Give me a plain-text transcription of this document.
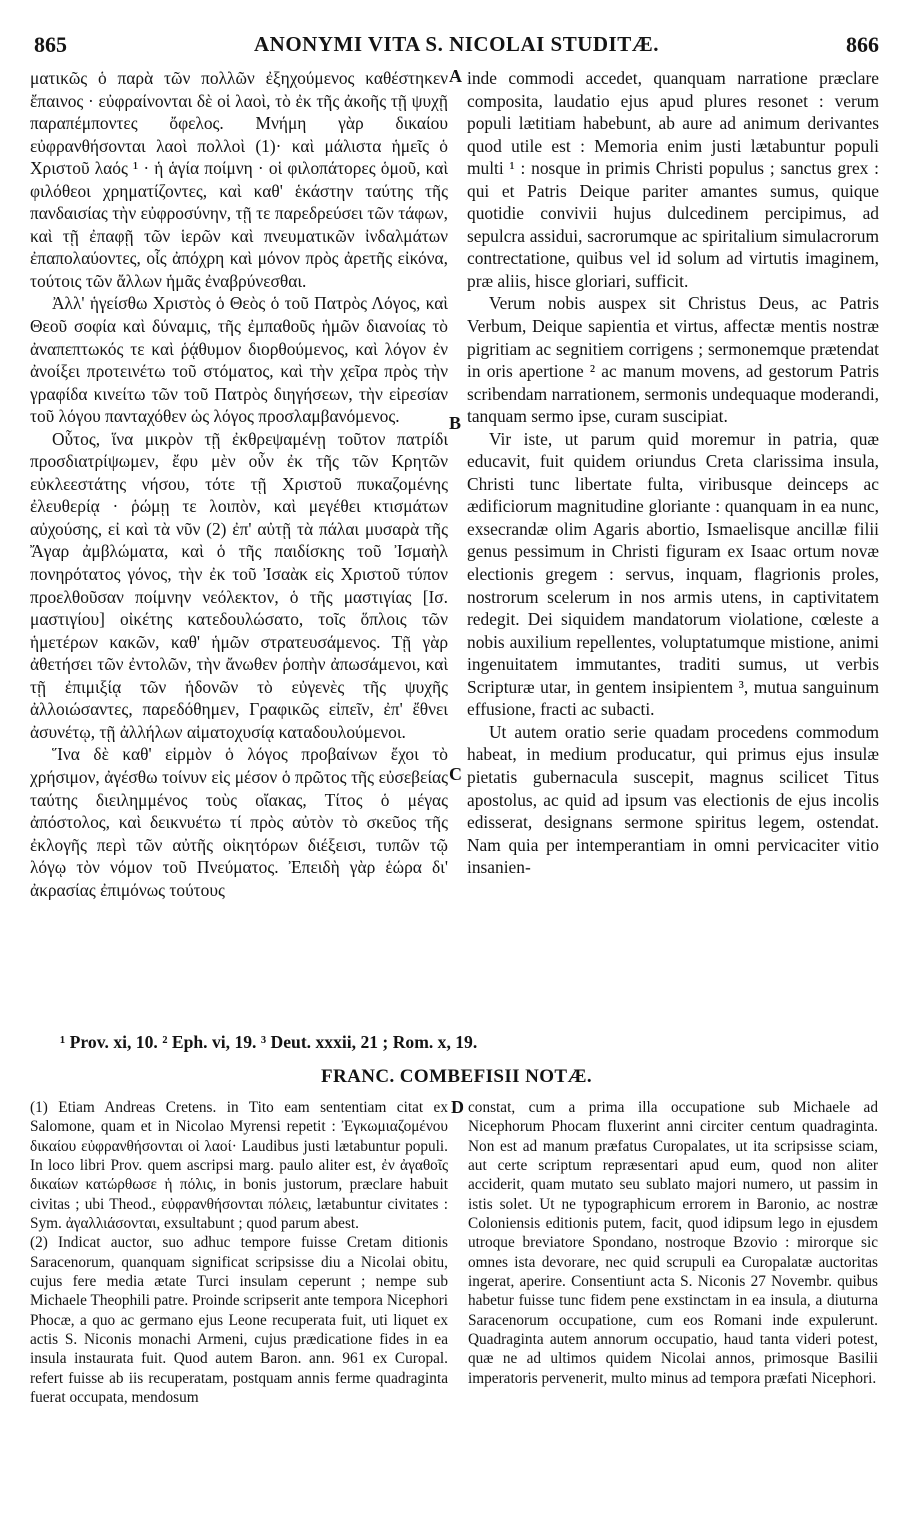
865	ANONYMI VITA S. NICOLAI STUDITÆ.	866
A
B
C
D

ματικῶς ὁ παρὰ τῶν πολλῶν ἐξηχούμενος καθέστηκεν ἔπαινος · εὐφραίνονται δὲ οἱ λαοὶ, τὸ ἐκ τῆς ἀκοῆς τῇ ψυχῇ παραπέμποντες ὄφελος. Μνήμη γὰρ δικαίου εὐφρανθήσονται λαοὶ πολλοὶ (1)· καὶ μάλιστα ἡμεῖς ὁ Χριστοῦ λαός ¹ · ἡ ἁγία ποίμνη · οἱ φιλοπάτορες ὁμοῦ, καὶ φιλόθεοι χρηματίζοντες, καὶ καθ' ἑκάστην ταύτης τῆς πανδαισίας τὴν εὐφροσύνην, τῇ τε παρεδρεύσει τῶν τάφων, καὶ τῇ ἐπαφῇ τῶν ἱερῶν καὶ πνευματικῶν ἰνδαλμάτων ἐπαπολαύοντες, οἷς ἀπόχρη καὶ μόνον πρὸς ἀρετῆς εἰκόνα, τούτοις τῶν ἄλλων ἡμᾶς ἐναβρύνεσθαι.

Ἀλλ' ἡγείσθω Χριστὸς ὁ Θεὸς ὁ τοῦ Πατρὸς Λόγος, καὶ Θεοῦ σοφία καὶ δύναμις, τῆς ἐμπαθοῦς ἡμῶν διανοίας τὸ ἀναπεπτωκός τε καὶ ῥᾴθυμον διορθούμενος, καὶ λόγον ἐν ἀνοίξει προτεινέτω τοῦ στόματος, καὶ τὴν χεῖρα πρὸς τὴν γραφίδα κινείτω τῶν τοῦ Πατρὸς διηγήσεων, τὴν εἰρεσίαν τοῦ λόγου πανταχόθεν ὡς λόγος προσλαμβανόμενος.

Οὗτος, ἵνα μικρὸν τῇ ἐκθρεψαμένῃ τοῦτον πατρίδι προσδιατρίψωμεν, ἔφυ μὲν οὖν ἐκ τῆς τῶν Κρητῶν εὐκλεεστάτης νήσου, τότε τῇ Χριστοῦ πυκαζομένης ἐλευθερίᾳ · ῥώμῃ τε λοιπὸν, καὶ μεγέθει κτισμάτων αὐχούσης, εἰ καὶ τὰ νῦν (2) ἐπ' αὐτῇ τὰ πάλαι μυσαρὰ τῆς Ἄγαρ ἀμβλώματα, καὶ ὁ τῆς παιδίσκης τοῦ Ἰσμαὴλ πονηρότατος γόνος, τὴν ἐκ τοῦ Ἰσαὰκ εἰς Χριστοῦ τύπον προελθοῦσαν ποίμνην νεόλεκτον, ὁ τῆς μαστιγίας [Ισ. μαστιγίου] οἰκέτης κατεδουλώσατο, τοῖς ὅπλοις τῶν ἡμετέρων κακῶν, καθ' ἡμῶν στρατευσάμενος. Τῇ γὰρ ἀθετήσει τῶν ἐντολῶν, τὴν ἄνωθεν ῥοπὴν ἀπωσάμενοι, καὶ τῇ ἐπιμιξίᾳ τῶν ἡδονῶν τὸ εὐγενὲς τῆς ψυχῆς ἀλλοιώσαντες, παρεδόθημεν, Γραφικῶς εἰπεῖν, ἐπ' ἔθνει ἀσυνέτῳ, τῇ ἀλλήλων αἱματοχυσίᾳ καταδουλούμενοι.

Ἵνα δὲ καθ' εἱρμὸν ὁ λόγος προβαίνων ἔχοι τὸ χρήσιμον, ἀγέσθω τοίνυν εἰς μέσον ὁ πρῶτος τῆς εὐσεβείας ταύτης διειλημμένος τοὺς οἴακας, Τίτος ὁ μέγας ἀπόστολος, καὶ δεικνυέτω τί πρὸς αὐτὸν τὸ σκεῦος τῆς ἐκλογῆς περὶ τῶν αὐτῆς οἰκητόρων διέξεισι, τυπῶν τῷ λόγῳ τὸν νόμον τοῦ Πνεύματος. Ἐπειδὴ γὰρ ἑώρα δι' ἀκρασίας ἐπιμόνως τούτους

inde commodi accedet, quanquam narratione præclare composita, laudatio ejus apud plures resonet : verum populi lætitiam habebunt, ab aure ad animum derivantes quod utile est : Memoria enim justi lætabuntur populi multi ¹ : nosque in primis Christi populus ; sanctus grex : qui et Patris Deique pariter amantes sumus, quique quotidie convivii hujus dulcedinem percipimus, ad sepulcra assidui, sacrorumque ac spiritalium simulacrorum contrectatione, quibus vel id solum ad virtutis imaginem, præ aliis, hisce gloriari, sufficit.

Verum nobis auspex sit Christus Deus, ac Patris Verbum, Deique sapientia et virtus, affectæ mentis nostræ pigritiam ac segnitiem corrigens ; sermonemque prætendat in oris apertione ² ac manum movens, ad gestorum Patris scribendam narrationem, sermonis undequaque moderandi, tanquam sermo ipse, curam suscipiat.

Vir iste, ut parum quid moremur in patria, quæ educavit, fuit quidem oriundus Creta clarissima insula, Christi tunc libertate fulta, viribusque deinceps ac ædificiorum magnitudine gloriante : quanquam in ea nunc, exsecrandæ olim Agaris abortio, Ismaelisque ancillæ filii genus pessimum in Christi figuram ex Isaac ortum novæ electionis gregem : servus, inquam, flagrionis proles, nostrorum scelerum in nos armis utens, in captivitatem redegit. Dei siquidem mandatorum violatione, cœleste a nobis auxilium repellentes, voluptatumque mistione, animi ingenuitatem immutantes, traditi sumus, ut verbis Scripturæ utar, in gentem insipientem ³, mutua sanguinum effusione, fracti ac subacti.

Ut autem oratio serie quadam procedens commodum habeat, in medium producatur, qui primus ejus insulæ pietatis gubernacula suscepit, magnus scilicet Titus apostolus, ac quid ad ipsum vas electionis de ejus incolis edisserat, designans sermone spiritus legem, ostendat. Nam quia per intemperantiam in omni pervicaciter vitio insanien-

¹ Prov. xi, 10. ² Eph. vi, 19. ³ Deut. xxxii, 21 ; Rom. x, 19.
FRANC. COMBEFISII NOTÆ.

(1) Etiam Andreas Cretens. in Tito eam sententiam citat ex Salomone, quam et in Nicolao Myrensi repetit : Ἐγκωμιαζομένου δικαίου εὐφρανθήσονται οἱ λαοί· Laudibus justi lætabuntur populi. In loco libri Prov. quem ascripsi marg. paulo aliter est, ἐν ἀγαθοῖς δικαίων κατώρθωσε ἡ πόλις, in bonis justorum, præclare habuit civitas ; ubi Theod., εὐφρανθήσονται πόλεις, lætabuntur civitates : Sym. ἀγαλλιάσονται, exsultabunt ; quod parum abest.

(2) Indicat auctor, suo adhuc tempore fuisse Cretam ditionis Saracenorum, quanquam significat scripsisse diu a Nicolai obitu, cujus fere media ætate Turci insulam ceperunt ; nempe sub Michaele Theophili patre. Proinde scripserit ante tempora Nicephori Phocæ, a quo ac germano ejus Leone recuperata fuit, uti liquet ex actis S. Niconis monachi Armeni, cujus prædicatione fides in ea insula instaurata fuit. Quod autem Baron. ann. 961 ex Curopal. refert fuisse ab iis recuperatam, postquam annis ferme quadraginta fuerat occupata, mendosum

constat, cum a prima illa occupatione sub Michaele ad Nicephorum Phocam fluxerint anni circiter centum quadraginta. Non est ad manum præfatus Curopalates, ut ita scripsisse sciam, aut certe scriptum repræsentari apud eum, quod non aliter acciderit, quam mutato seu sublato majori numero, ut passim in istis solet. Ut ne typographicum errorem in Baronio, ac nostræ Coloniensis editionis putem, facit, quod idipsum lego in ejusdem utroque breviatore Spondano, nostroque Bzovio : mirorque sic omnes ista devorare, nec quid scrupuli ea Curopalatæ auctoritas ingerat, aperire. Consentiunt acta S. Niconis 27 Novembr. quibus habetur fuisse tunc fidem pene exstinctam in ea insula, a diuturna Saracenorum occupatione, cum eos Romani inde expulerunt. Quadraginta autem annorum occupatio, haud tanta videri potest, quæ ne ad ultimos quidem Nicolai annos, primosque Basilii imperatoris pervenerit, multo minus ad tempora præfati Nicephori.
